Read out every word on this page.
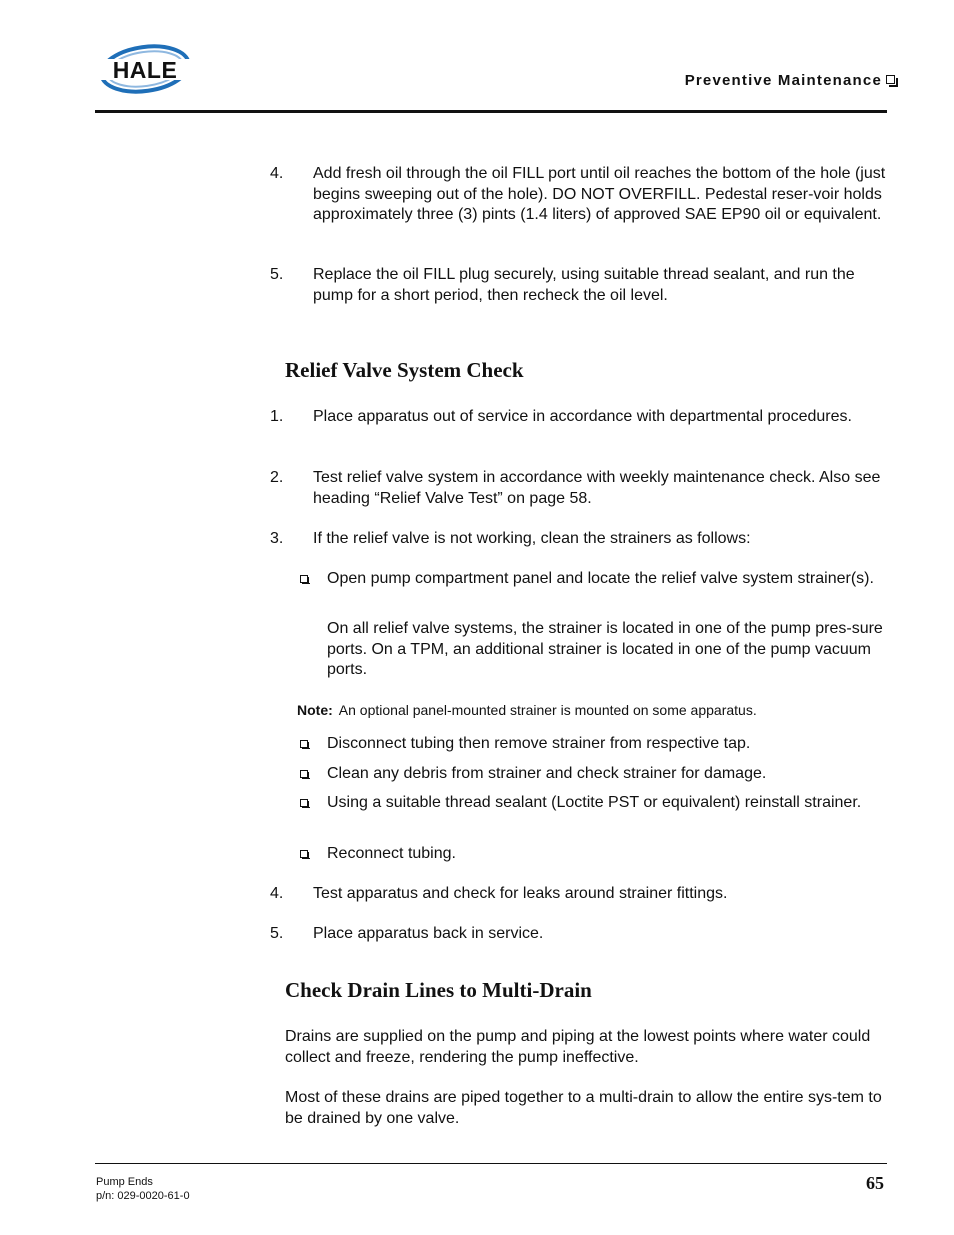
HALE	Preventive Maintenance
4. Add fresh oil through the oil FILL port until oil reaches the bottom of the hole (just begins sweeping out of the hole). DO NOT OVERFILL. Pedestal reser-voir holds approximately three (3) pints (1.4 liters) of approved SAE EP90 oil or equivalent.
5. Replace the oil FILL plug securely, using suitable thread sealant, and run the pump for a short period, then recheck the oil level.
Relief Valve System Check
1. Place apparatus out of service in accordance with departmental procedures.
2. Test relief valve system in accordance with weekly maintenance check. Also see heading “Relief Valve Test” on page 58.
3. If the relief valve is not working, clean the strainers as follows:
Open pump compartment panel and locate the relief valve system strainer(s).
On all relief valve systems, the strainer is located in one of the pump pres-sure ports. On a TPM, an additional strainer is located in one of the pump vacuum ports.
Note: An optional panel-mounted strainer is mounted on some apparatus.
Disconnect tubing then remove strainer from respective tap.
Clean any debris from strainer and check strainer for damage.
Using a suitable thread sealant (Loctite PST or equivalent) reinstall strainer.
Reconnect tubing.
4. Test apparatus and check for leaks around strainer fittings.
5. Place apparatus back in service.
Check Drain Lines to Multi-Drain
Drains are supplied on the pump and piping at the lowest points where water could collect and freeze, rendering the pump ineffective.
Most of these drains are piped together to a multi-drain to allow the entire sys-tem to be drained by one valve.
Pump Ends
p/n: 029-0020-61-0
65
